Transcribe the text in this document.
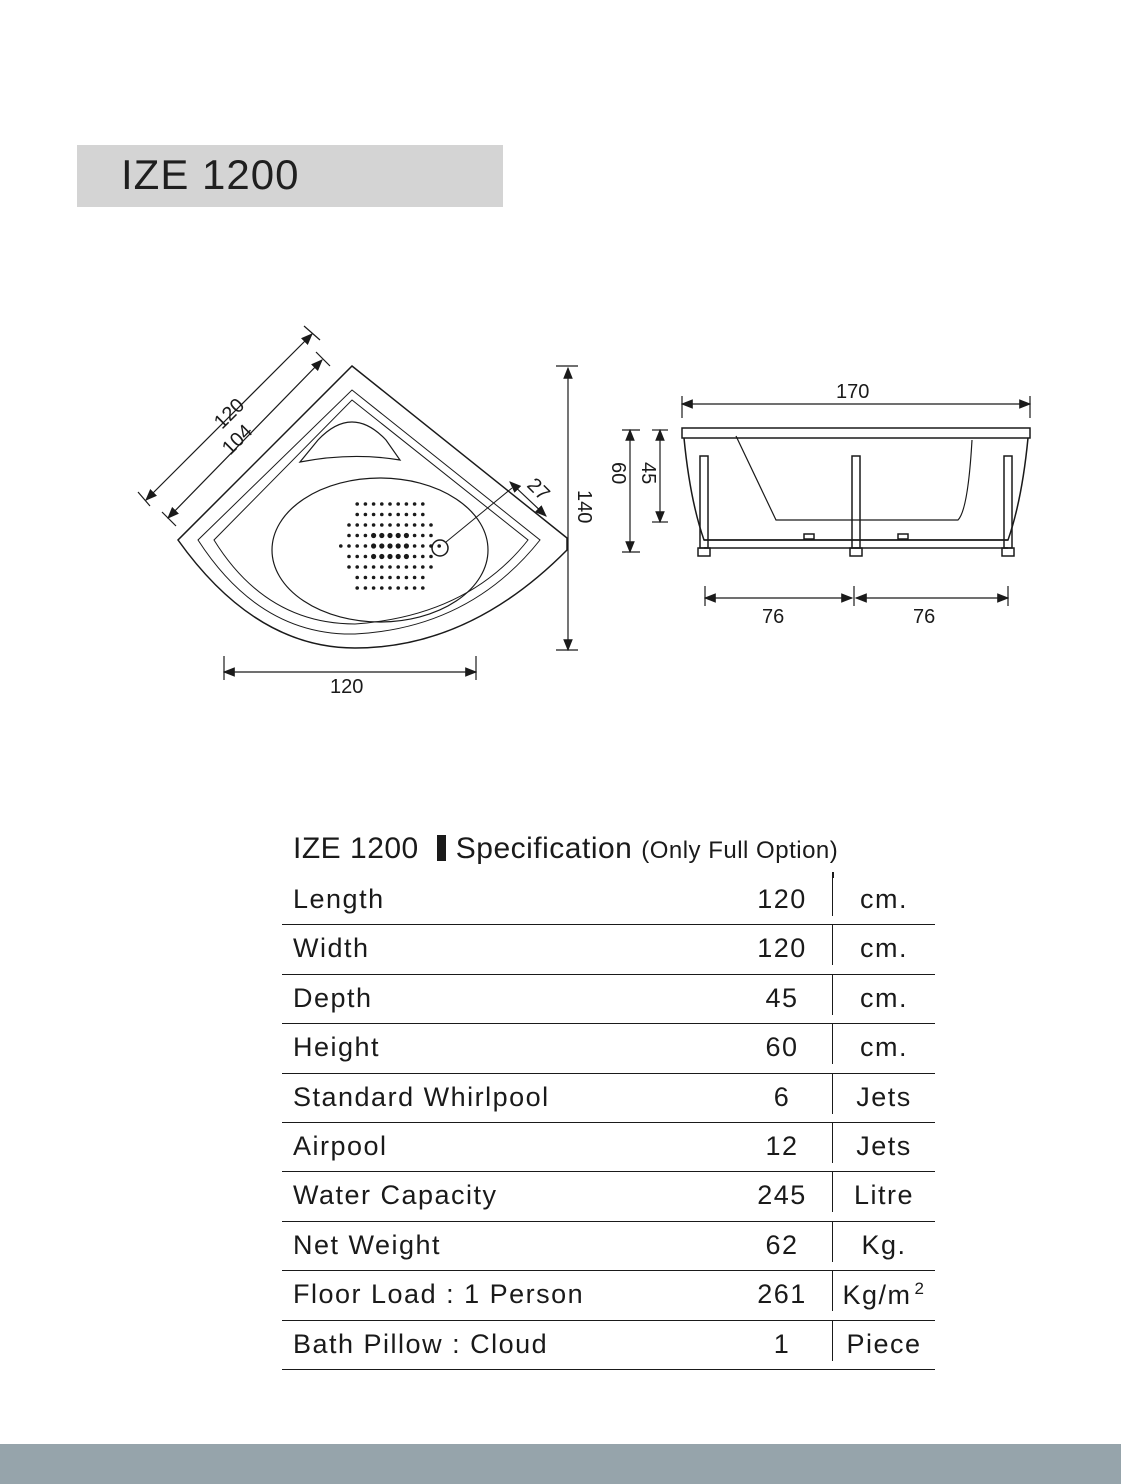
IZE 1200
120
104
27
140
120
170
60 45
76	76
IZE 1200 Specification (Only Full Option)
Length	120	cm.
Width	120	cm.
Depth	45	cm.
Height	60	cm.
Standard Whirlpool	6	Jets
Airpool	12	Jets
Water Capacity	245	Litre
Net Weight	62	Kg.
Floor Load : 1 Person	261	Kg/m $^2$
Bath Pillow : Cloud	1	Piece
